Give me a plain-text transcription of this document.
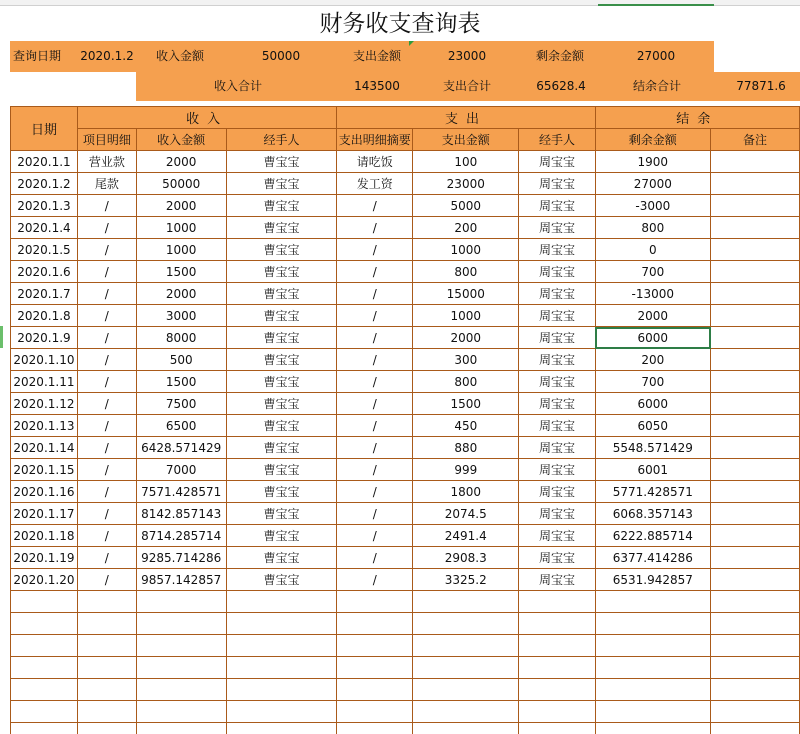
财务收支查询表
查询日期	2020.1.2	收入金额	50000	支出金额	23000	剩余金额	27000
收入合计	143500	支出合计	65628.4	结余合计	77871.6
日期	收入			支出			结余	
	项目明细	收入金额	经手人	支出明细摘要	支出金额	经手人	剩余金额	备注
2020.1.1	营业款	2000	曹宝宝	请吃饭	100	周宝宝	1900	
2020.1.2	尾款	50000	曹宝宝	发工资	23000	周宝宝	27000	
2020.1.3	/	2000	曹宝宝	/	5000	周宝宝	-3000	
2020.1.4	/	1000	曹宝宝	/	200	周宝宝	800	
2020.1.5	/	1000	曹宝宝	/	1000	周宝宝	0	
2020.1.6	/	1500	曹宝宝	/	800	周宝宝	700	
2020.1.7	/	2000	曹宝宝	/	15000	周宝宝	-13000	
2020.1.8	/	3000	曹宝宝	/	1000	周宝宝	2000	
2020.1.9	/	8000	曹宝宝	/	2000	周宝宝	6000	
2020.1.10	/	500	曹宝宝	/	300	周宝宝	200	
2020.1.11	/	1500	曹宝宝	/	800	周宝宝	700	
2020.1.12	/	7500	曹宝宝	/	1500	周宝宝	6000	
2020.1.13	/	6500	曹宝宝	/	450	周宝宝	6050	
2020.1.14	/	6428.571429	曹宝宝	/	880	周宝宝	5548.571429	
2020.1.15	/	7000	曹宝宝	/	999	周宝宝	6001	
2020.1.16	/	7571.428571	曹宝宝	/	1800	周宝宝	5771.428571	
2020.1.17	/	8142.857143	曹宝宝	/	2074.5	周宝宝	6068.357143	
2020.1.18	/	8714.285714	曹宝宝	/	2491.4	周宝宝	6222.885714	
2020.1.19	/	9285.714286	曹宝宝	/	2908.3	周宝宝	6377.414286	
2020.1.20	/	9857.142857	曹宝宝	/	3325.2	周宝宝	6531.942857	
